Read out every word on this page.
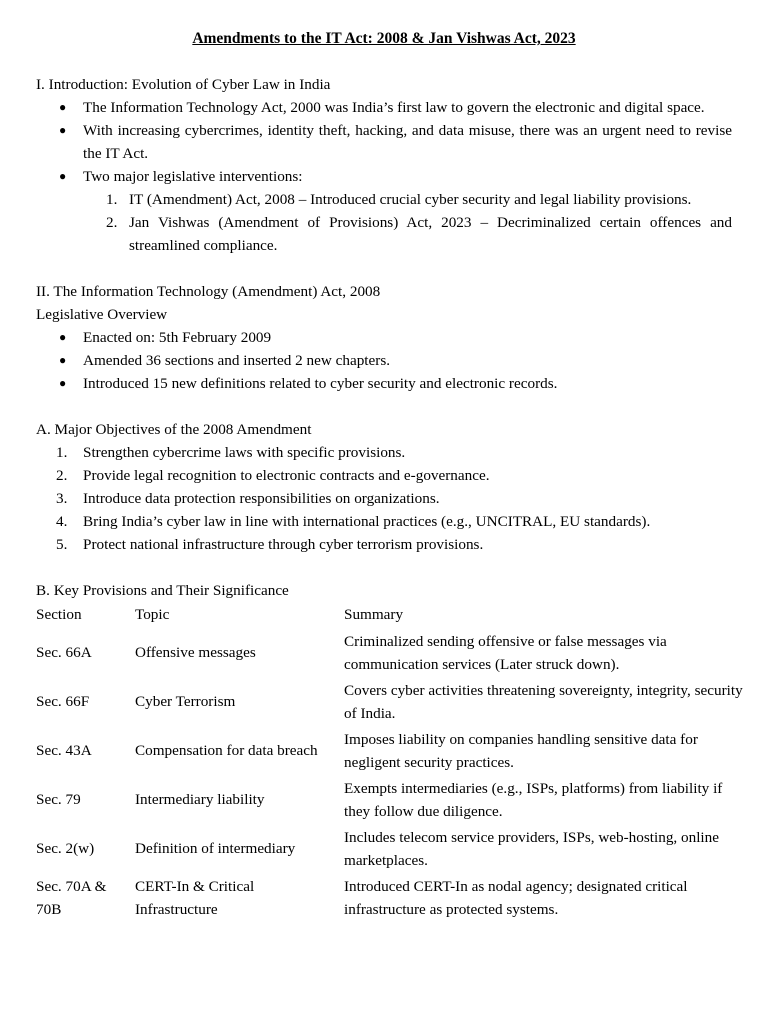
Amendments to the IT Act: 2008 & Jan Vishwas Act, 2023
I. Introduction: Evolution of Cyber Law in India
● The Information Technology Act, 2000 was India’s first law to govern the electronic and digital space.
● With increasing cybercrimes, identity theft, hacking, and data misuse, there was an urgent need to revise the IT Act.
● Two major legislative interventions:
1. IT (Amendment) Act, 2008 – Introduced crucial cyber security and legal liability provisions.
2. Jan Vishwas (Amendment of Provisions) Act, 2023 – Decriminalized certain offences and streamlined compliance.
II. The Information Technology (Amendment) Act, 2008
Legislative Overview
● Enacted on: 5th February 2009
● Amended 36 sections and inserted 2 new chapters.
● Introduced 15 new definitions related to cyber security and electronic records.
A. Major Objectives of the 2008 Amendment
1. Strengthen cybercrime laws with specific provisions.
2. Provide legal recognition to electronic contracts and e-governance.
3. Introduce data protection responsibilities on organizations.
4. Bring India’s cyber law in line with international practices (e.g., UNCITRAL, EU standards).
5. Protect national infrastructure through cyber terrorism provisions.
B. Key Provisions and Their Significance
Section	Topic	Summary
Sec. 66A	Offensive messages	Criminalized sending offensive or false messages via communication services (Later struck down).
Sec. 66F	Cyber Terrorism	Covers cyber activities threatening sovereignty, integrity, security of India.
Sec. 43A	Compensation for data breach	Imposes liability on companies handling sensitive data for negligent security practices.
Sec. 79	Intermediary liability	Exempts intermediaries (e.g., ISPs, platforms) from liability if they follow due diligence.
Sec. 2(w)	Definition of intermediary	Includes telecom service providers, ISPs, web-hosting, online marketplaces.
Sec. 70A & 70B	CERT-In & Critical Infrastructure	Introduced CERT-In as nodal agency; designated critical infrastructure as protected systems.
